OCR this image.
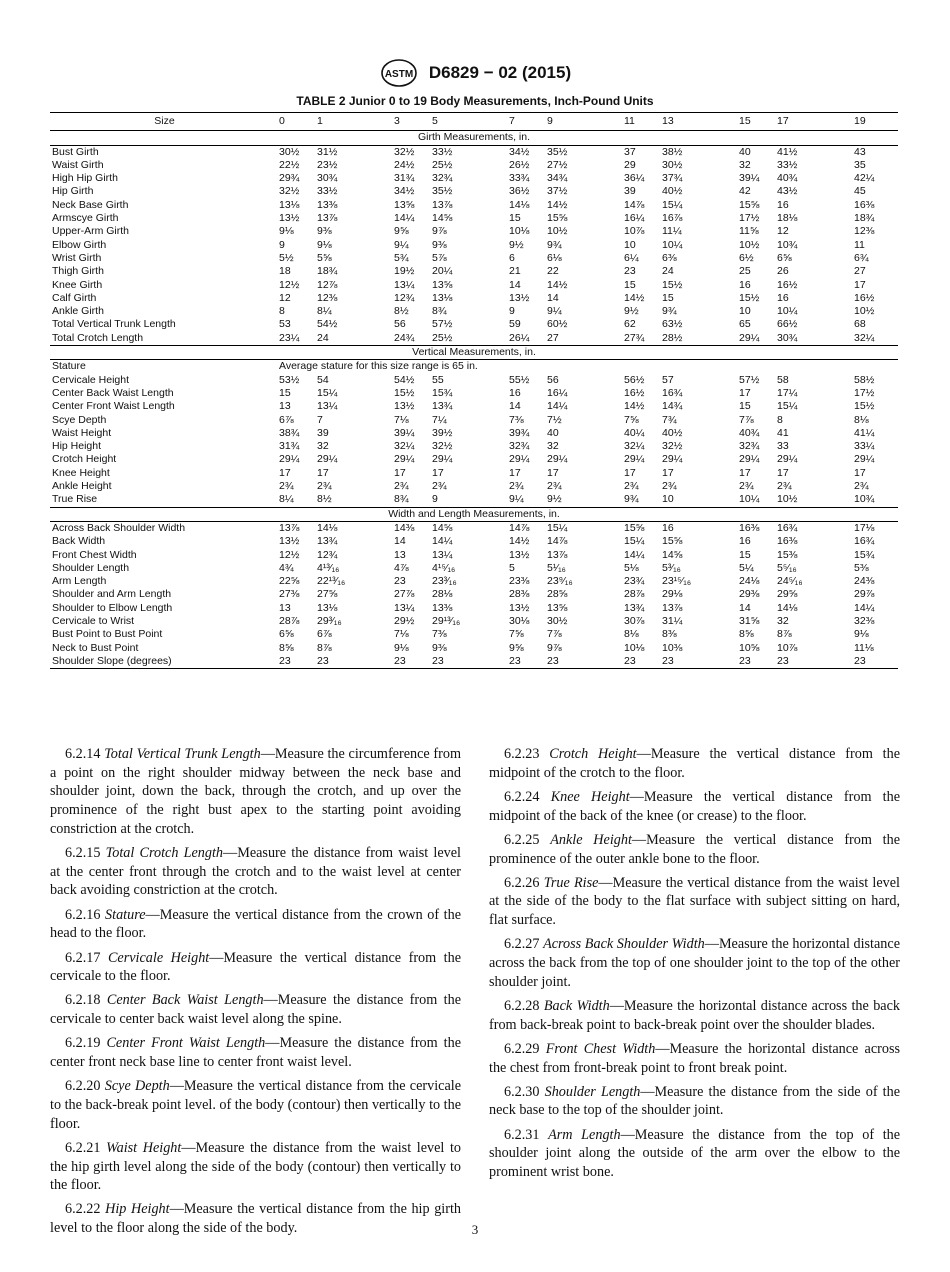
ASTM D6829 − 02 (2015)
TABLE 2 Junior 0 to 19 Body Measurements, Inch-Pound Units
Size	0	1	3	5	7	9	11	13	15	17	19
Girth Measurements, in.											
Bust Girth	30½	31½	32½	33½	34½	35½	37	38½	40	41½	43
Waist Girth	22½	23½	24½	25½	26½	27½	29	30½	32	33½	35
High Hip Girth	29¾	30¾	31¾	32¾	33¾	34¾	36¼	37¾	39¼	40¾	42¼
Hip Girth	32½	33½	34½	35½	36½	37½	39	40½	42	43½	45
Neck Base Girth	13⅛	13⅜	13⅝	13⅞	14⅛	14½	14⅞	15¼	15⅝	16	16⅜
Armscye Girth	13½	13⅞	14¼	14⅝	15	15⅝	16¼	16⅞	17½	18⅛	18¾
Upper-Arm Girth	9⅛	9⅜	9⅝	9⅞	10⅛	10½	10⅞	11¼	11⅝	12	12⅜
Elbow Girth	9	9⅛	9¼	9⅜	9½	9¾	10	10¼	10½	10¾	11
Wrist Girth	5½	5⅝	5¾	5⅞	6	6⅛	6¼	6⅜	6½	6⅝	6¾
Thigh Girth	18	18¾	19½	20¼	21	22	23	24	25	26	27
Knee Girth	12½	12⅞	13¼	13⅝	14	14½	15	15½	16	16½	17
Calf Girth	12	12⅜	12¾	13⅛	13½	14	14½	15	15½	16	16½
Ankle Girth	8	8¼	8½	8¾	9	9¼	9½	9¾	10	10¼	10½
Total Vertical Trunk Length	53	54½	56	57½	59	60½	62	63½	65	66½	68
Total Crotch Length	23¼	24	24¾	25½	26¼	27	27¾	28½	29¼	30¾	32¼
Vertical Measurements, in.											
Stature	Average stature for this size range is 65 in.										
Cervicale Height	53½	54	54½	55	55½	56	56½	57	57½	58	58½
Center Back Waist Length	15	15¼	15½	15¾	16	16¼	16½	16¾	17	17¼	17½
Center Front Waist Length	13	13¼	13½	13¾	14	14¼	14½	14¾	15	15¼	15½
Scye Depth	6⅞	7	7⅛	7¼	7⅜	7½	7⅝	7¾	7⅞	8	8⅛
Waist Height	38¾	39	39¼	39½	39¾	40	40¼	40½	40¾	41	41¼
Hip Height	31¾	32	32¼	32½	32¾	32	32¼	32½	32¾	33	33¼
Crotch Height	29¼	29¼	29¼	29¼	29¼	29¼	29¼	29¼	29¼	29¼	29¼
Knee Height	17	17	17	17	17	17	17	17	17	17	17
Ankle Height	2¾	2¾	2¾	2¾	2¾	2¾	2¾	2¾	2¾	2¾	2¾
True Rise	8¼	8½	8¾	9	9¼	9½	9¾	10	10¼	10½	10¾
Width and Length Measurements, in.											
Across Back Shoulder Width	13⅞	14⅛	14⅜	14⅝	14⅞	15¼	15⅝	16	16⅜	16¾	17⅛
Back Width	13½	13¾	14	14¼	14½	14⅞	15¼	15⅝	16	16⅜	16¾
Front Chest Width	12½	12¾	13	13¼	13½	13⅞	14¼	14⅝	15	15⅜	15¾
Shoulder Length	4¾	4¹³⁄₁₆	4⅞	4¹⁵⁄₁₆	5	5¹⁄₁₆	5⅛	5³⁄₁₆	5¼	5⁵⁄₁₆	5⅜
Arm Length	22⅝	22¹³⁄₁₆	23	23³⁄₁₆	23⅜	23⁹⁄₁₆	23¾	23¹⁵⁄₁₆	24⅛	24⁵⁄₁₆	24⅜
Shoulder and Arm Length	27⅜	27⅝	27⅞	28⅛	28⅜	28⅝	28⅞	29⅛	29⅜	29⅝	29⅞
Shoulder to Elbow Length	13	13⅛	13¼	13⅜	13½	13⅝	13¾	13⅞	14	14⅛	14¼
Cervicale to Wrist	28⅞	29³⁄₁₆	29½	29¹³⁄₁₆	30⅛	30½	30⅞	31¼	31⅝	32	32⅜
Bust Point to Bust Point	6⅝	6⅞	7⅛	7⅜	7⅝	7⅞	8⅛	8⅜	8⅝	8⅞	9⅛
Neck to Bust Point	8⅝	8⅞	9⅛	9⅜	9⅝	9⅞	10⅛	10⅜	10⅝	10⅞	11⅛
Shoulder Slope (degrees)	23	23	23	23	23	23	23	23	23	23	23

6.2.14 Total Vertical Trunk Length—Measure the circumference from a point on the right shoulder midway between the neck base and shoulder joint, down the back, through the crotch, and up over the prominence of the right bust apex to the starting point avoiding constriction at the crotch.

6.2.15 Total Crotch Length—Measure the distance from waist level at the center front through the crotch and to the waist level at center back avoiding constriction at the crotch.

6.2.16 Stature—Measure the vertical distance from the crown of the head to the floor.

6.2.17 Cervicale Height—Measure the vertical distance from the cervicale to the floor.

6.2.18 Center Back Waist Length—Measure the distance from the cervicale to center back waist level along the spine.

6.2.19 Center Front Waist Length—Measure the distance from the center front neck base line to center front waist level.

6.2.20 Scye Depth—Measure the vertical distance from the cervicale to the back-break point level. of the body (contour) then vertically to the floor.

6.2.21 Waist Height—Measure the distance from the waist level to the hip girth level along the side of the body (contour) then vertically to the floor.

6.2.22 Hip Height—Measure the vertical distance from the hip girth level to the floor along the side of the body.

6.2.23 Crotch Height—Measure the vertical distance from the midpoint of the crotch to the floor.

6.2.24 Knee Height—Measure the vertical distance from the midpoint of the back of the knee (or crease) to the floor.

6.2.25 Ankle Height—Measure the vertical distance from the prominence of the outer ankle bone to the floor.

6.2.26 True Rise—Measure the vertical distance from the waist level at the side of the body to the flat surface with subject sitting on hard, flat surface.

6.2.27 Across Back Shoulder Width—Measure the horizontal distance across the back from the top of one shoulder joint to the top of the other shoulder joint.

6.2.28 Back Width—Measure the horizontal distance across the back from back-break point to back-break point over the shoulder blades.

6.2.29 Front Chest Width—Measure the horizontal distance across the chest from front-break point to front break point.

6.2.30 Shoulder Length—Measure the distance from the side of the neck base to the top of the shoulder joint.

6.2.31 Arm Length—Measure the distance from the top of the shoulder joint along the outside of the arm over the elbow to the prominent wrist bone.

3
